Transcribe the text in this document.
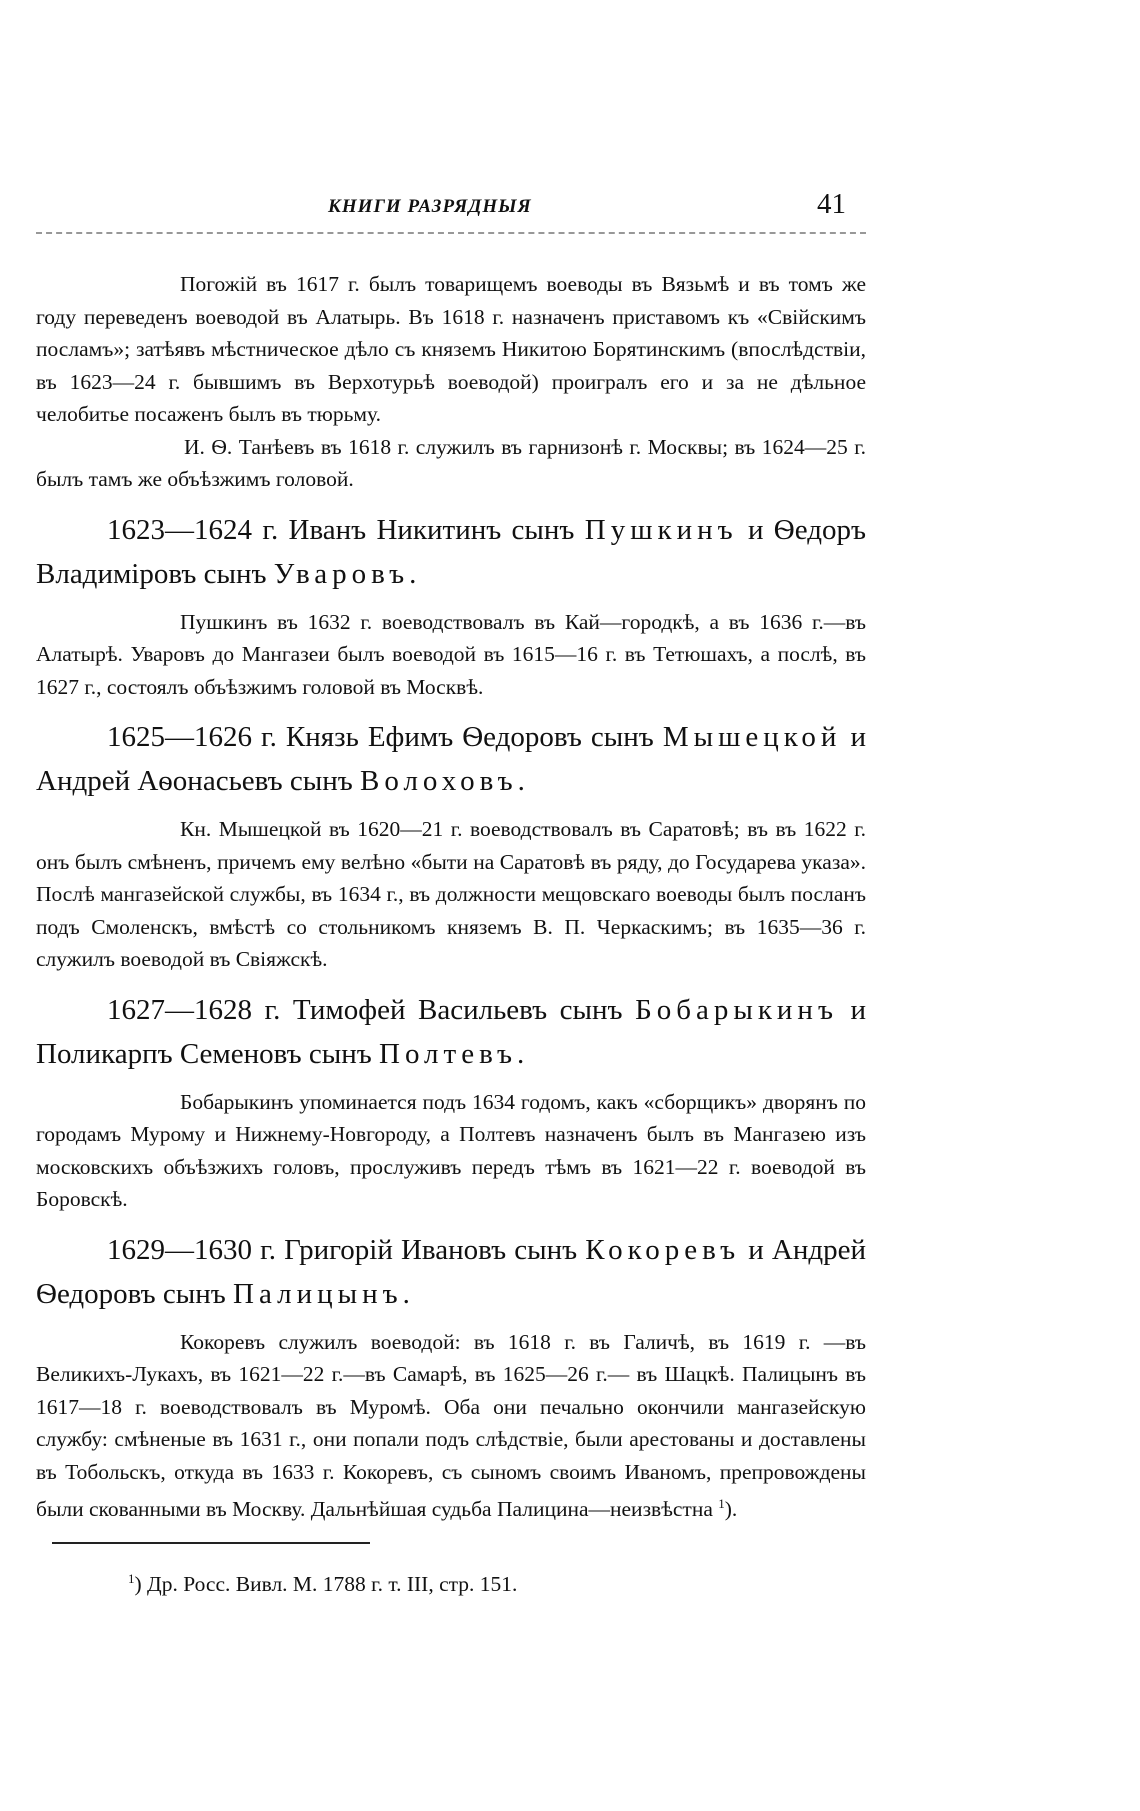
КНИГИ РАЗРЯДНЫЯ	41

Погожій въ 1617 г. былъ товарищемъ воеводы въ Вязьмѣ и въ томъ же году переведенъ воеводой въ Алатырь. Въ 1618 г. назначенъ приставомъ къ «Свійскимъ посламъ»; затѣявъ мѣстническое дѣло съ княземъ Никитою Борятинскимъ (впослѣдствіи, въ 1623—24 г. бывшимъ въ Верхотурьѣ воеводой) проигралъ его и за не дѣльное челобитье посаженъ былъ въ тюрьму.

И. Ѳ. Танѣевъ въ 1618 г. служилъ въ гарнизонѣ г. Москвы; въ 1624—25 г. былъ тамъ же объѣзжимъ головой.

1623—1624 г. Иванъ Никитинъ сынъ Пушкинъ и Ѳедоръ Владиміровъ сынъ Уваровъ.

Пушкинъ въ 1632 г. воеводствовалъ въ Кай—городкѣ, а въ 1636 г.—въ Алатырѣ. Уваровъ до Мангазеи былъ воеводой въ 1615—16 г. въ Тетюшахъ, а послѣ, въ 1627 г., состоялъ объѣзжимъ головой въ Москвѣ.

1625—1626 г. Князь Ефимъ Ѳедоровъ сынъ Мышецкой и Андрей Аѳонасьевъ сынъ Волоховъ.

Кн. Мышецкой въ 1620—21 г. воеводствовалъ въ Саратовѣ; въ въ 1622 г. онъ былъ смѣненъ, причемъ ему велѣно «быти на Саратовѣ въ ряду, до Государева указа». Послѣ мангазейской службы, въ 1634 г., въ должности мещовскаго воеводы былъ посланъ подъ Смоленскъ, вмѣстѣ со стольникомъ княземъ В. П. Черкаскимъ; въ 1635—36 г. служилъ воеводой въ Свіяжскѣ.

1627—1628 г. Тимофей Васильевъ сынъ Бобарыкинъ и Поликарпъ Семеновъ сынъ Полтевъ.

Бобарыкинъ упоминается подъ 1634 годомъ, какъ «сборщикъ» дворянъ по городамъ Мурому и Нижнему-Новгороду, а Полтевъ назначенъ былъ въ Мангазею изъ московскихъ объѣзжихъ головъ, прослуживъ передъ тѣмъ въ 1621—22 г. воеводой въ Боровскѣ.

1629—1630 г. Григорій Ивановъ сынъ Кокоревъ и Андрей Ѳедоровъ сынъ Палицынъ.

Кокоревъ служилъ воеводой: въ 1618 г. въ Галичѣ, въ 1619 г. —въ Великихъ-Лукахъ, въ 1621—22 г.—въ Самарѣ, въ 1625—26 г.— въ Шацкѣ. Палицынъ въ 1617—18 г. воеводствовалъ въ Муромѣ. Оба они печально окончили мангазейскую службу: смѣненые въ 1631 г., они попали подъ слѣдствіе, были арестованы и доставлены въ Тобольскъ, откуда въ 1633 г. Кокоревъ, съ сыномъ своимъ Иваномъ, препровождены были скованными въ Москву. Дальнѣйшая судьба Палицина—неизвѣстна $^1$).

$^1$) Др. Росс. Вивл. М. 1788 г. т. III, стр. 151.
